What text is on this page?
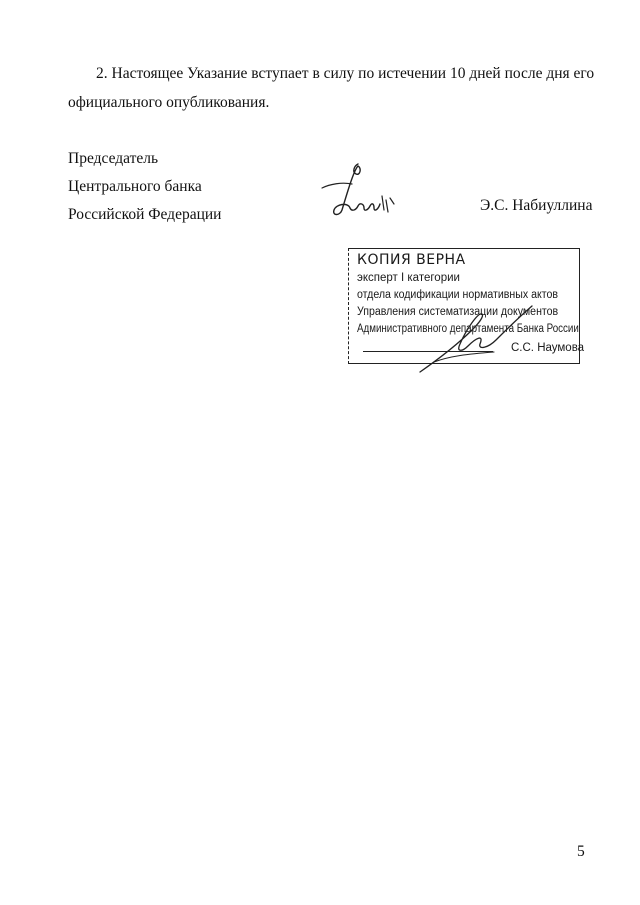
2. Настоящее Указание вступает в силу по истечении 10 дней после дня его
официального опубликования.
Председатель
Центрального банка
Российской Федерации
Э.С. Набиуллина
КОПИЯ ВЕРНА
эксперт I категории
отдела кодификации нормативных актов
Управления систематизации документов
Административного департамента Банка России
С.С. Наумова
5
